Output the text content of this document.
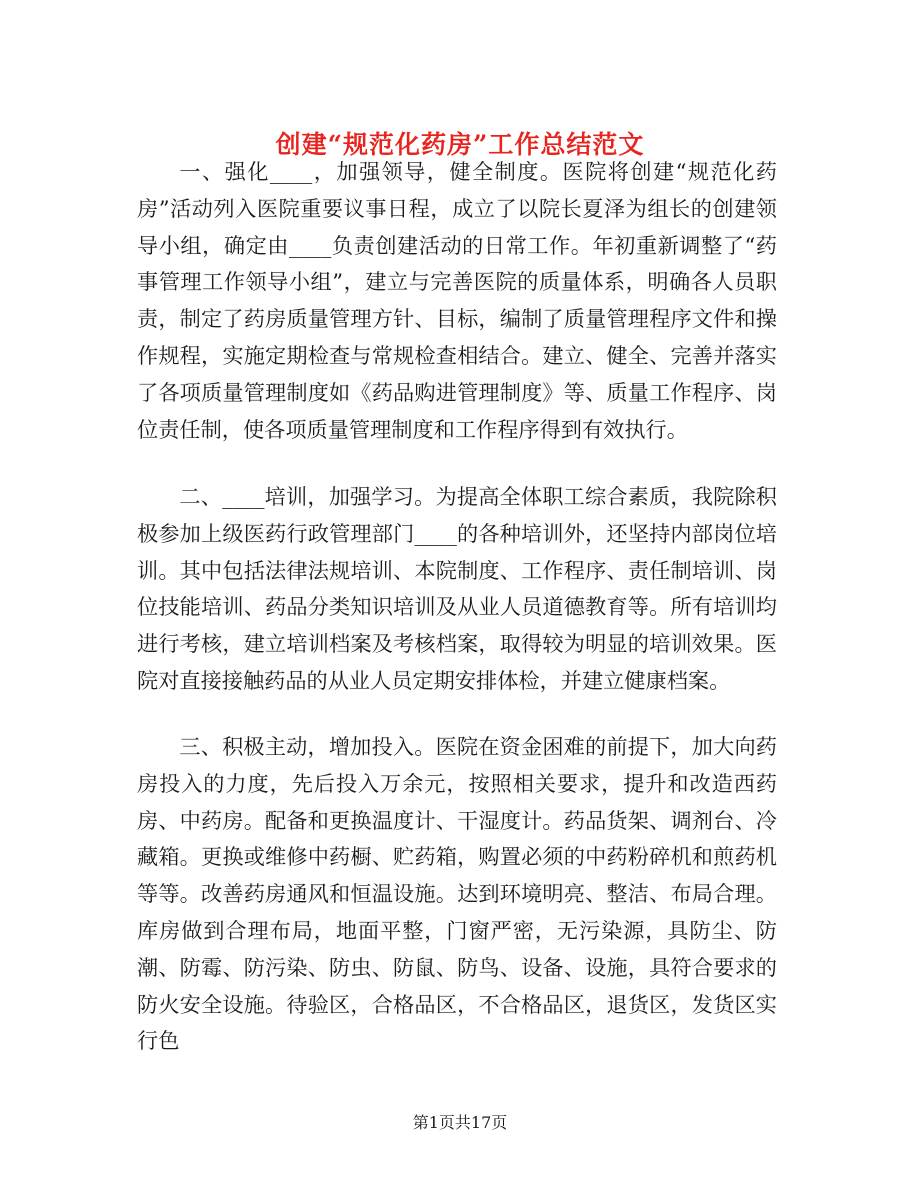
创建“规范化药房”工作总结范文

一、强化____，加强领导，健全制度。医院将创建“规范化药房”活动列入医院重要议事日程，成立了以院长夏泽为组长的创建领导小组，确定由____负责创建活动的日常工作。年初重新调整了“药事管理工作领导小组”，建立与完善医院的质量体系，明确各人员职责，制定了药房质量管理方针、目标，编制了质量管理程序文件和操作规程，实施定期检查与常规检查相结合。建立、健全、完善并落实了各项质量管理制度如《药品购进管理制度》等、质量工作程序、岗位责任制，使各项质量管理制度和工作程序得到有效执行。

二、____培训，加强学习。为提高全体职工综合素质，我院除积极参加上级医药行政管理部门____的各种培训外，还坚持内部岗位培训。其中包括法律法规培训、本院制度、工作程序、责任制培训、岗位技能培训、药品分类知识培训及从业人员道德教育等。所有培训均进行考核，建立培训档案及考核档案，取得较为明显的培训效果。医院对直接接触药品的从业人员定期安排体检，并建立健康档案。

三、积极主动，增加投入。医院在资金困难的前提下，加大向药房投入的力度，先后投入万余元，按照相关要求，提升和改造西药房、中药房。配备和更换温度计、干湿度计。药品货架、调剂台、冷藏箱。更换或维修中药橱、贮药箱，购置必须的中药粉碎机和煎药机等等。改善药房通风和恒温设施。达到环境明亮、整洁、布局合理。库房做到合理布局，地面平整，门窗严密，无污染源，具防尘、防潮、防霉、防污染、防虫、防鼠、防鸟、设备、设施，具符合要求的防火安全设施。待验区，合格品区，不合格品区，退货区，发货区实行色

第1页共17页
